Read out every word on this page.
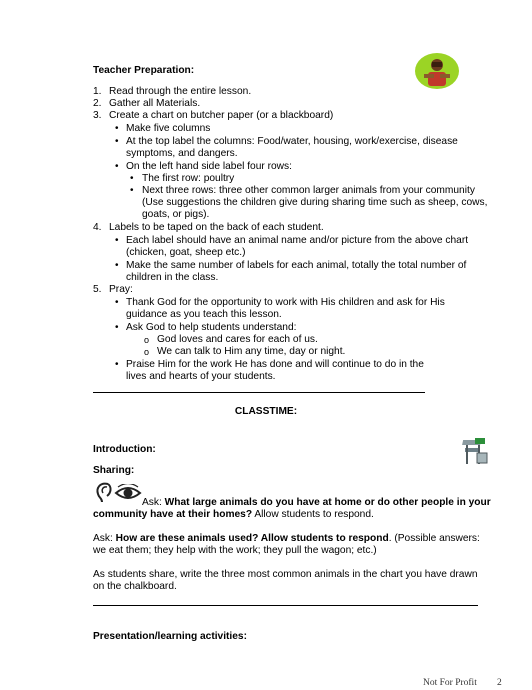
Teacher Preparation:
1. Read through the entire lesson.
2. Gather all Materials.
3. Create a chart on butcher paper (or a blackboard)
• Make five columns
• At the top label the columns: Food/water, housing, work/exercise, disease
symptoms, and dangers.
• On the left hand side label four rows:
• The first row: poultry
• Next three rows: three other common larger animals from your community
(Use suggestions the children give during sharing time such as sheep, cows,
goats, or pigs).
4. Labels to be taped on the back of each student.
• Each label should have an animal name and/or picture from the above chart
(chicken, goat, sheep etc.)
• Make the same number of labels for each animal, totally the total number of
children in the class.
5. Pray:
• Thank God for the opportunity to work with His children and ask for His
guidance as you teach this lesson.
• Ask God to help students understand:
o God loves and cares for each of us.
o We can talk to Him any time, day or night.
• Praise Him for the work He has done and will continue to do in the
lives and hearts of your students.
CLASSTIME:
Introduction:
Sharing:
Ask: What large animals do you have at home or do other people in your
community have at their homes? Allow students to respond.
Ask: How are these animals used? Allow students to respond. (Possible answers:
we eat them; they help with the work; they pull the wagon; etc.)
As students share, write the three most common animals in the chart you have drawn
on the chalkboard.
Presentation/learning activities:
Not For Profit 2
